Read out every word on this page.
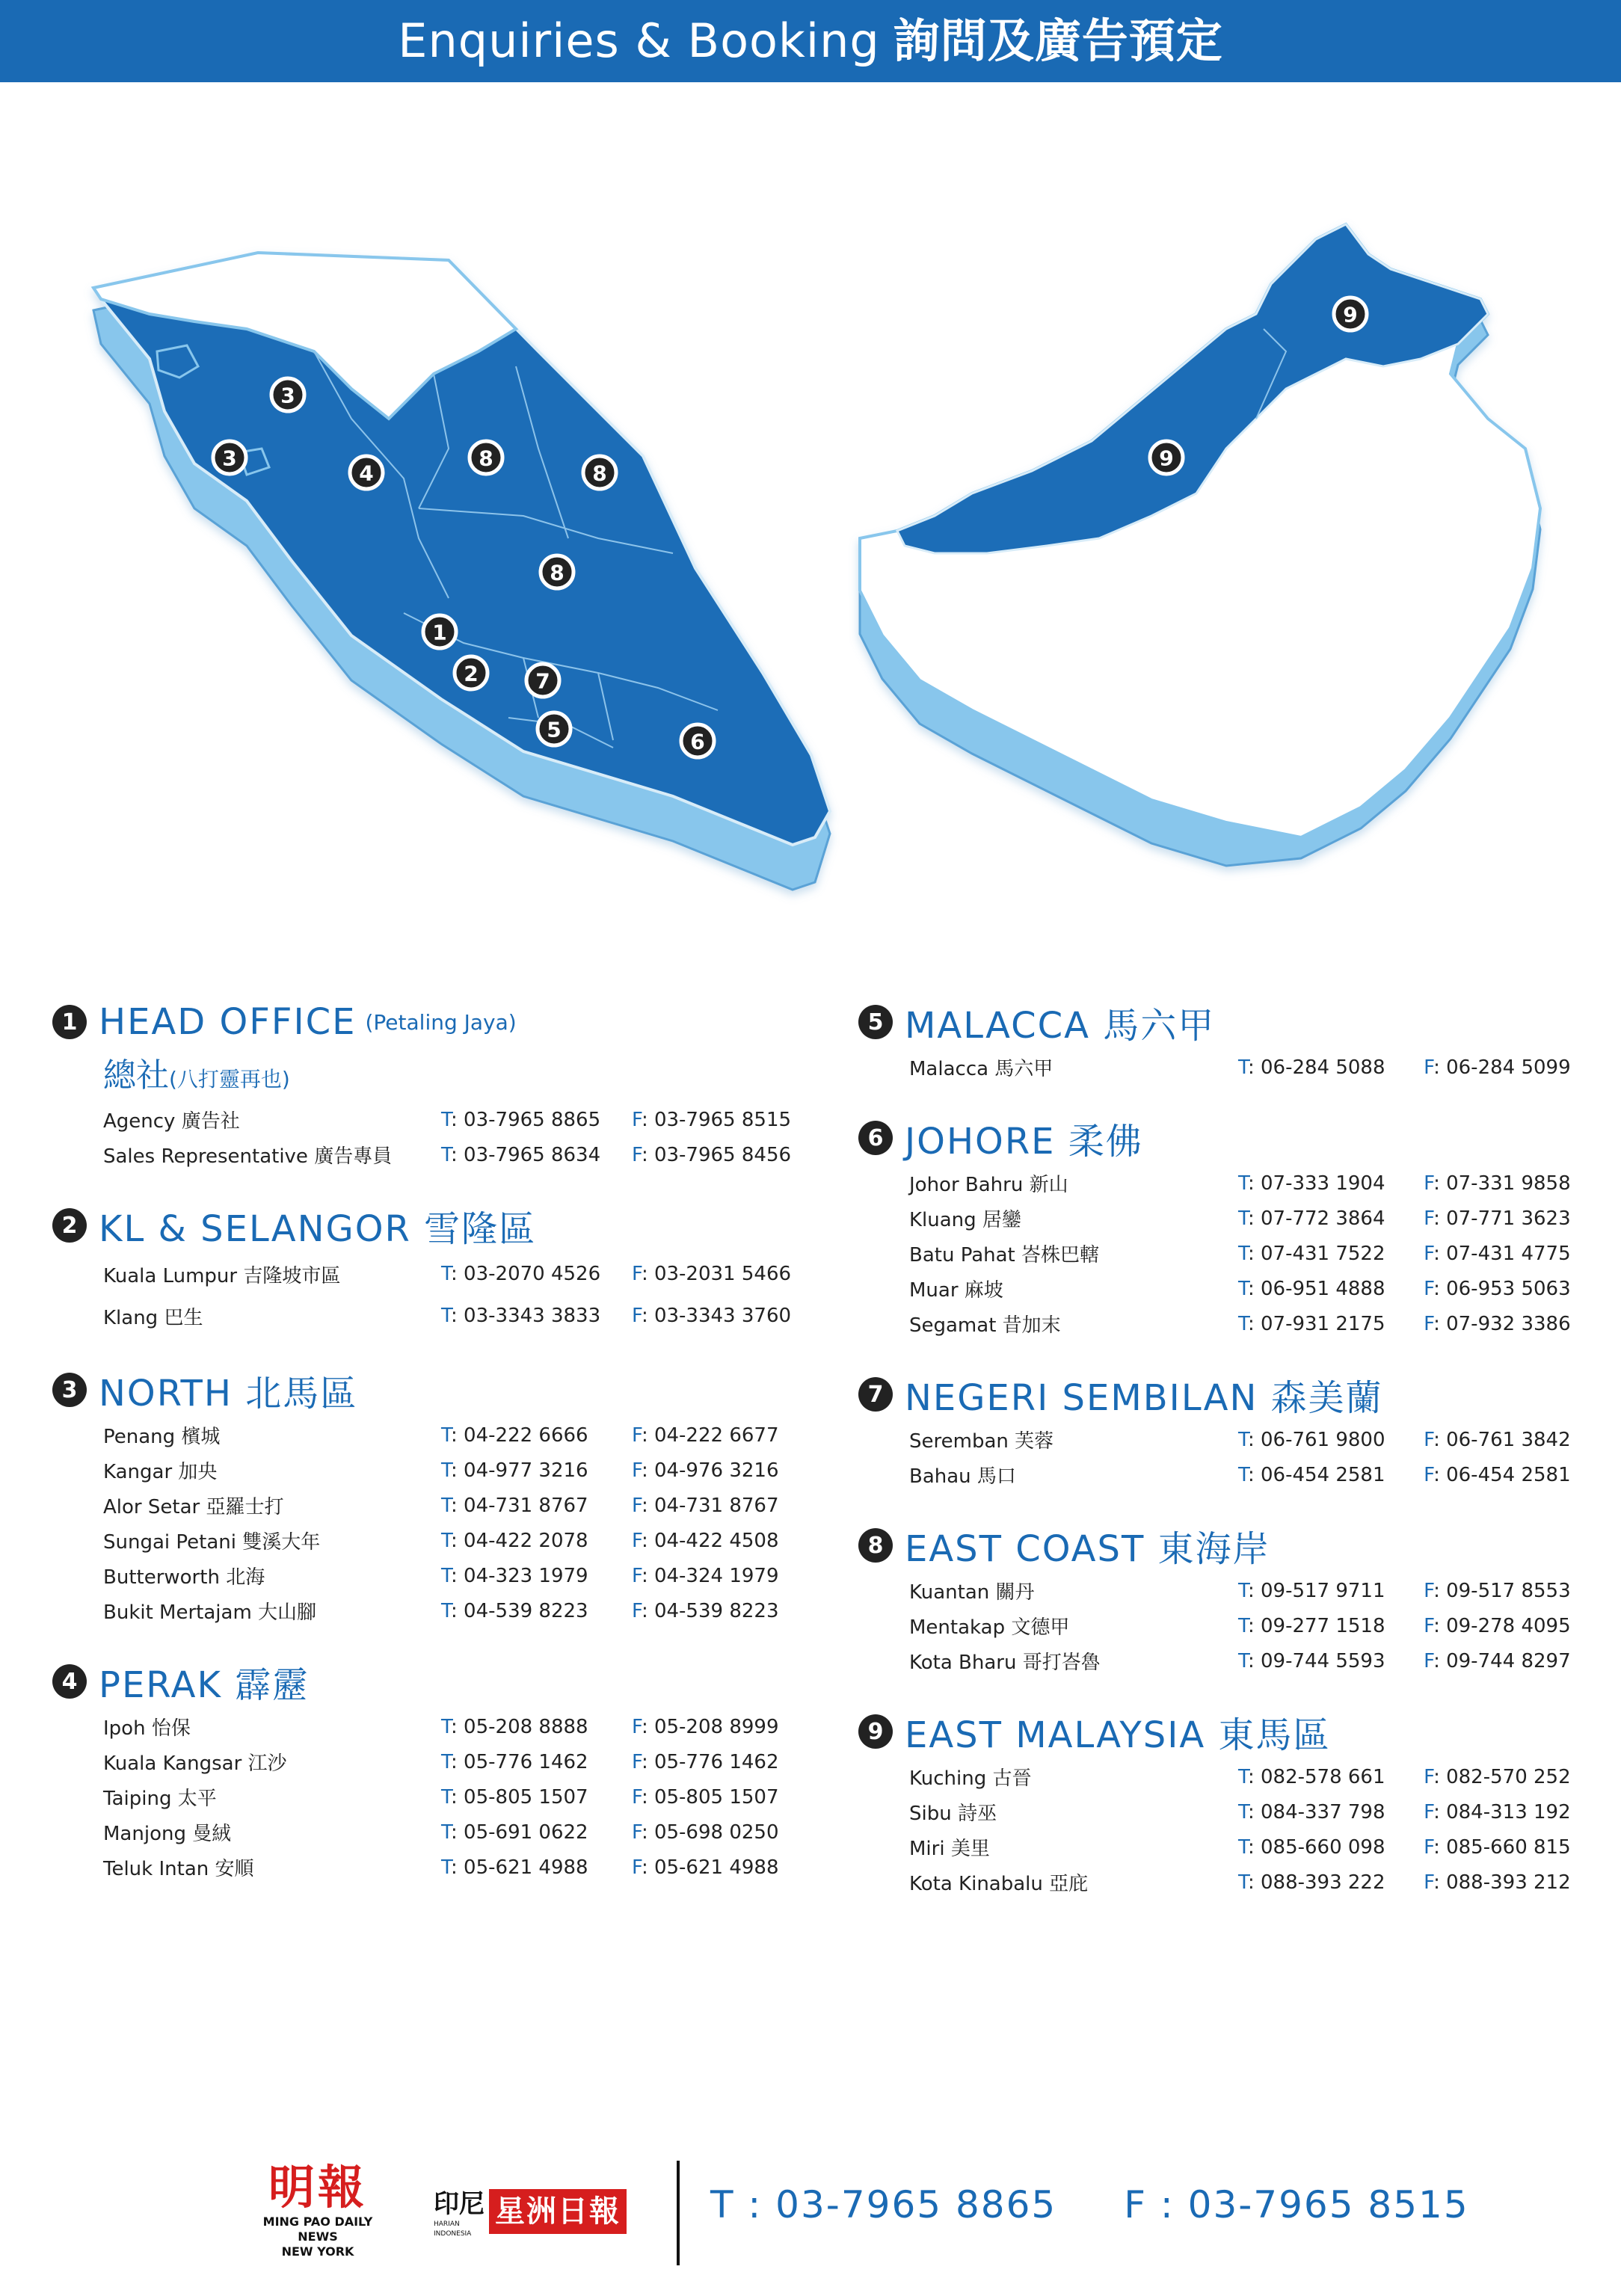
Enquiries & Booking 詢問及廣告預定
3
3
4
8
8
8
1
2	7
5	6
9
9
1 HEAD OFFICE (Petaling Jaya)
總社(八打靈再也)
Agency 廣告社	T: 03-7965 8865	F: 03-7965 8515
Sales Representative 廣告專員	T: 03-7965 8634	F: 03-7965 8456
2 KL & SELANGOR 雪隆區
Kuala Lumpur 吉隆坡市區	T: 03-2070 4526	F: 03-2031 5466
Klang 巴生	T: 03-3343 3833	F: 03-3343 3760
3 NORTH 北馬區
Penang 檳城	T: 04-222 6666	F: 04-222 6677
Kangar 加央	T: 04-977 3216	F: 04-976 3216
Alor Setar 亞羅士打	T: 04-731 8767	F: 04-731 8767
Sungai Petani 雙溪大年	T: 04-422 2078	F: 04-422 4508
Butterworth 北海	T: 04-323 1979	F: 04-324 1979
Bukit Mertajam 大山腳	T: 04-539 8223	F: 04-539 8223
4 PERAK 霹靂
Ipoh 怡保	T: 05-208 8888	F: 05-208 8999
Kuala Kangsar 江沙	T: 05-776 1462	F: 05-776 1462
Taiping 太平	T: 05-805 1507	F: 05-805 1507
Manjong 曼絨	T: 05-691 0622	F: 05-698 0250
Teluk Intan 安順	T: 05-621 4988	F: 05-621 4988
5 MALACCA 馬六甲
Malacca 馬六甲	T: 06-284 5088	F: 06-284 5099
6 JOHORE 柔佛
Johor Bahru 新山	T: 07-333 1904	F: 07-331 9858
Kluang 居鑾	T: 07-772 3864	F: 07-771 3623
Batu Pahat 峇株巴轄	T: 07-431 7522	F: 07-431 4775
Muar 麻坡	T: 06-951 4888	F: 06-953 5063
Segamat 昔加末	T: 07-931 2175	F: 07-932 3386
7 NEGERI SEMBILAN 森美蘭
Seremban 芙蓉	T: 06-761 9800	F: 06-761 3842
Bahau 馬口	T: 06-454 2581	F: 06-454 2581
8 EAST COAST 東海岸
Kuantan 關丹	T: 09-517 9711	F: 09-517 8553
Mentakap 文德甲	T: 09-277 1518	F: 09-278 4095
Kota Bharu 哥打峇魯	T: 09-744 5593	F: 09-744 8297
9 EAST MALAYSIA 東馬區
Kuching 古晉	T: 082-578 661	F: 082-570 252
Sibu 詩巫	T: 084-337 798	F: 084-313 192
Miri 美里	T: 085-660 098	F: 085-660 815
Kota Kinabalu 亞庇	T: 088-393 222	F: 088-393 212
明報
MING PAO DAILY NEWS
NEW YORK
印尼
HARIAN
INDONESIA
星洲日報 T : 03-7965 8865 F : 03-7965 8515
